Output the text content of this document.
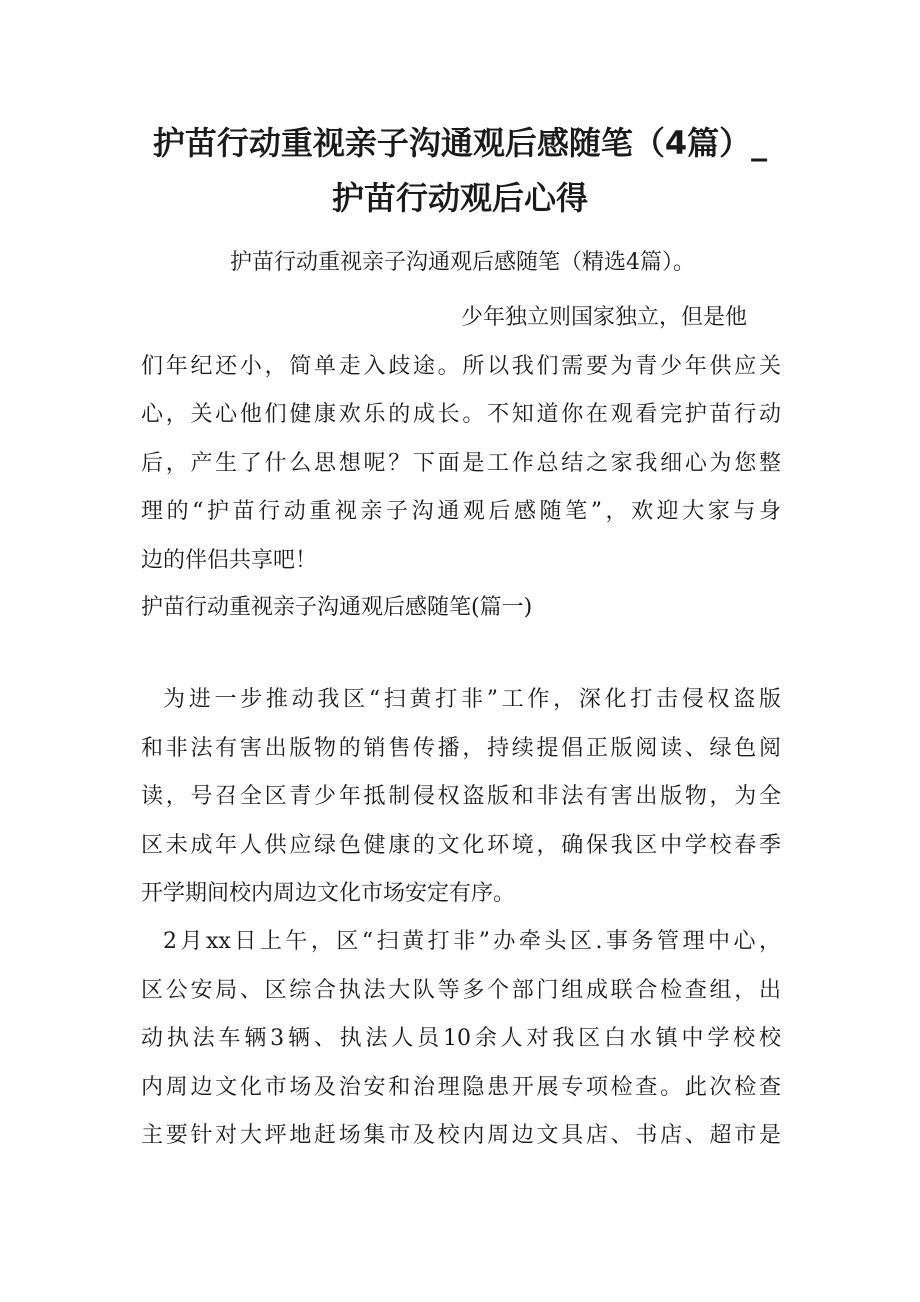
护苗行动重视亲子沟通观后感随笔（4篇）_
护苗行动观后心得

护苗行动重视亲子沟通观后感随笔（精选4篇）。

少年独立则国家独立，但是他
们年纪还小，简单走入歧途。所以我们需要为青少年供应关
心，关心他们健康欢乐的成长。不知道你在观看完护苗行动
后，产生了什么思想呢？下面是工作总结之家我细心为您整
理的“护苗行动重视亲子沟通观后感随笔”，欢迎大家与身
边的伴侣共享吧！

护苗行动重视亲子沟通观后感随笔(篇一)

为进一步推动我区“扫黄打非”工作，深化打击侵权盗版
和非法有害出版物的销售传播，持续提倡正版阅读、绿色阅
读，号召全区青少年抵制侵权盗版和非法有害出版物，为全
区未成年人供应绿色健康的文化环境，确保我区中学校春季
开学期间校内周边文化市场安定有序。
2月xx日上午，区“扫黄打非”办牵头区.事务管理中心，
区公安局、区综合执法大队等多个部门组成联合检查组，出
动执法车辆3辆、执法人员10余人对我区白水镇中学校校
内周边文化市场及治安和治理隐患开展专项检查。此次检查
主要针对大坪地赶场集市及校内周边文具店、书店、超市是
